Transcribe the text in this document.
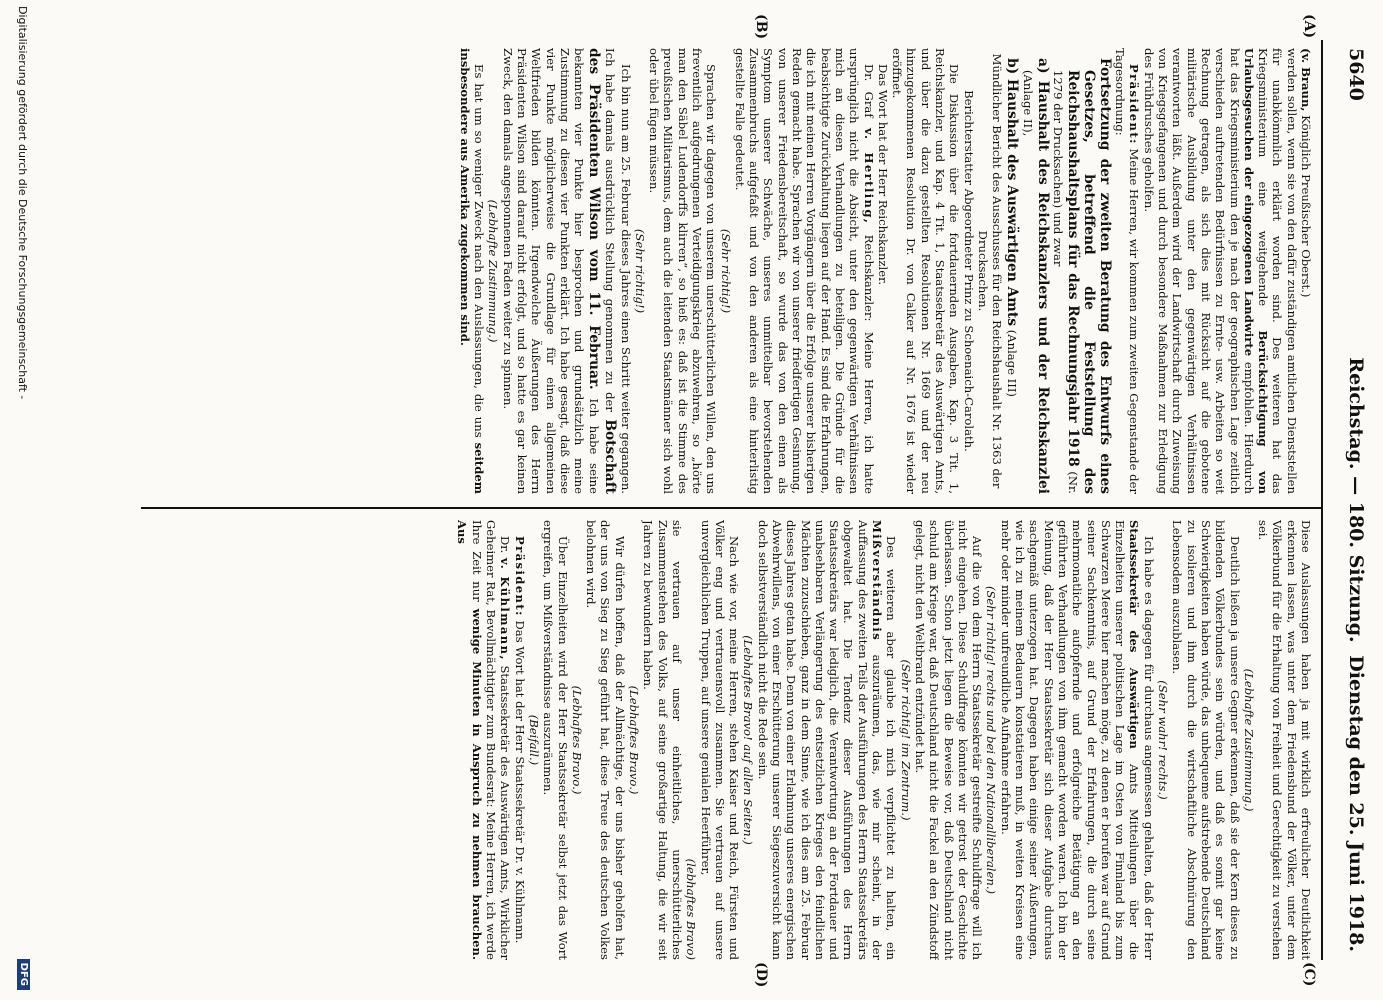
5640
Reichstag. — 180. Sitzung.
Dienstag den 25. Juni 1918.
(A)
(B)
(C)
(D)

(v. Braun, Königlich Preußischer Oberst.)

werden sollen, wenn sie von den dafür zuständigen amtlichen Dienststellen für unabkömmlich erklärt worden sind. Des weiteren hat das Kriegsministerium eine weitgehende Berücksichtigung von Urlaubsgesuchen der eingezogenen Landwirte empfohlen. Hierdurch hat das Kriegsministerium den je nach der geographischen Lage zeitlich verschieden auftretenden Bedürfnissen zu Ernte- usw. Arbeiten so weit Rechnung getragen, als sich dies mit Rücksicht auf die gebotene militärische Ausbildung unter den gegenwärtigen Verhältnissen verantworten läßt. Außerdem wird der Landwirtschaft durch Zuweisung von Kriegsgefangenen und durch besondere Maßnahmen zur Erledigung des Frühdrusches geholfen.

Präsident: Meine Herren, wir kommen zum zweiten Gegenstande der Tagesordnung:

Fortsetzung der zweiten Beratung des Entwurfs eines Gesetzes, betreffend die Feststellung des Reichshaushaltsplans für das Rechnungsjahr 1918 (Nr. 1279 der Drucksachen) und zwar

a) Haushalt des Reichskanzlers und der Reichskanzlei (Anlage II),

b) Haushalt des Auswärtigen Amts (Anlage III)

Mündlicher Bericht des Ausschusses für den Reichshaushalt Nr. 1363 der Drucksachen.

Berichterstatter Abgeordneter Prinz zu Schoenaich-Carolath.

Die Diskussion über die fortdauernden Ausgaben, Kap. 3 Tit. 1, Reichskanzler, und Kap. 4 Tit. 1, Staatssekretär des Auswärtigen Amts, und über die dazu gestellten Resolutionen Nr. 1669 und der neu hinzugekommenen Resolution Dr. von Calker auf Nr. 1676 ist wieder eröffnet.

Das Wort hat der Herr Reichskanzler.

Dr. Graf v. Hertling, Reichskanzler: Meine Herren, ich hatte ursprünglich nicht die Absicht, unter den gegenwärtigen Verhältnissen mich an diesen Verhandlungen zu beteiligen. Die Gründe für die beabsichtigte Zurückhaltung liegen auf der Hand. Es sind die Erfahrungen, die ich mit meinen Herren Vorgängern über die Erfolge unserer bisherigen Reden gemacht habe. Sprachen wir von unserer friedfertigen Gesinnung, von unserer Friedensbereitschaft, so wurde das von den einen als Symptom unserer Schwäche, unseres unmittelbar bevorstehenden Zusammenbruchs aufgefaßt und von den anderen als eine hinterlistig gestellte Falle gedeutet.

(Sehr richtig!)

Sprachen wir dagegen von unserem unerschütterlichen Willen, den uns freventlich aufgedrungenen Verteidigungskrieg abzuwehren, so „hörte man den Säbel Ludendorffs klirren“, so hieß es: daß ist die Stimme des preußischen Militarismus, dem auch die leitenden Staatsmänner sich wohl oder übel fügen müssen.

(Sehr richtig!)

Ich bin nun am 25. Februar dieses Jahres einen Schritt weiter gegangen. Ich habe damals ausdrücklich Stellung genommen zu der Botschaft des Präsidenten Wilson vom 11. Februar. Ich habe seine bekannten vier Punkte hier besprochen und grundsätzlich meine Zustimmung zu diesen vier Punkten erklärt. Ich habe gesagt, daß diese vier Punkte möglicherweise die Grundlage für einen allgemeinen Weltfrieden bilden könnten. Irgendwelche Äußerungen des Herrn Präsidenten Wilson sind darauf nicht erfolgt, und so hatte es gar keinen Zweck, den damals angesponnenen Faden weiter zu spinnen.

(Lebhafte Zustimmung.)

Es hat um so weniger Zweck nach den Auslassungen, die uns seitdem insbesondere aus Amerika zugekommen sind.

Diese Auslassungen haben ja mit wirklich erfreulicher Deutlichkeit erkennen lassen, was unter dem Friedensbund der Völker, unter dem Völkerbund für die Erhaltung von Freiheit und Gerechtigkeit zu verstehen sei.

(Lebhafte Zustimmung.)

Deutlich ließen ja unsere Gegner erkennen, daß sie der Kern dieses zu bildenden Völkerbundes sein würden, und daß es somit gar keine Schwierigkeiten haben würde, das unbequeme aufstrebende Deutschland zu isolieren und ihm durch die wirtschaftliche Abschnürung den Lebensodem auszublasen.

(Sehr wahr! rechts.)

Ich habe es dagegen für durchaus angemessen gehalten, daß der Herr Staatssekretär des Auswärtigen Amts Mitteilungen über die Einzelheiten unserer politischen Lage im Osten von Finnland bis zum Schwarzen Meere hier machen möge, zu denen er berufen war auf Grund seiner Sachkenntnis, auf Grund der Erfahrungen, die durch seine mehrmonatliche aufopfernde und erfolgreiche Betätigung an den geführten Verhandlungen von ihm gemacht worden waren. Ich bin der Meinung, daß der Herr Staatssekretär sich dieser Aufgabe durchaus sachgemäß unterzogen hat. Dagegen haben einige seiner Äußerungen, wie ich zu meinem Bedauern konstatieren muß, in weiten Kreisen eine mehr oder minder unfreundliche Aufnahme erfahren.

(Sehr richtig! rechts und bei den Nationalliberalen.)

Auf die von dem Herrn Staatssekretär gestreifte Schuldfrage will ich nicht eingehen. Diese Schuldfrage könnten wir getrost der Geschichte überlassen. Schon jetzt liegen die Beweise vor, daß Deutschland nicht schuld am Kriege war, daß Deutschland nicht die Fackel an den Zündstoff gelegt, nicht den Weltbrand entzündet hat.

(Sehr richtig! im Zentrum.)

Des weiteren aber glaube ich mich verpflichtet zu halten, ein Mißverständnis auszuräumen, das, wie mir scheint, in der Auffassung des zweiten Teils der Ausführungen des Herrn Staatssekretärs obgewaltet hat. Die Tendenz dieser Ausführungen des Herrn Staatssekretärs war lediglich, die Verantwortung an der Fortdauer und unabsehbaren Verlängerung des entsetzlichen Krieges den feindlichen Mächten zuzuschieben, ganz in dem Sinne, wie ich dies am 25. Februar dieses Jahres getan habe. Denn von einer Erlahmung unseres energischen Abwehrwillens, von einer Erschütterung unserer Siegeszuversicht kann doch selbstverständlich nicht die Rede sein.

(Lebhaftes Bravo! auf allen Seiten.)

Nach wie vor, meine Herren, stehen Kaiser und Reich, Fürsten und Völker eng und vertrauensvoll zusammen. Sie vertrauen auf unsere unvergleichlichen Truppen, auf unsere genialen Heerführer,

(lebhaftes Bravo)

sie vertrauen auf unser einheitliches, unerschütterliches Zusammenstehen des Volks, auf seine großartige Haltung, die wir seit Jahren zu bewundern haben.

(Lebhaftes Bravo.)

Wir dürfen hoffen, daß der Allmächtige, der uns bisher geholfen hat, der uns von Sieg zu Sieg geführt hat, diese Treue des deutschen Volkes belohnen wird.

(Lebhaftes Bravo.)

Über Einzelheiten wird der Herr Staatssekretär selbst jetzt das Wort ergreifen, um Mißverständnisse auszuräumen.

(Beifall.)

Präsident: Das Wort hat der Herr Staatssekretär Dr. v. Kühlmann.

Dr. v. Kühlmann, Staatssekretär des Auswärtigen Amts, Wirklicher Geheimer Rat, Bevollmächtigter zum Bundesrat: Meine Herren, ich werde Ihre Zeit nur wenige Minuten in Anspruch zu nehmen brauchen. Aus

Digitalisierung gefördert durch die Deutsche Forschungsgemeinschaft -
DFG
